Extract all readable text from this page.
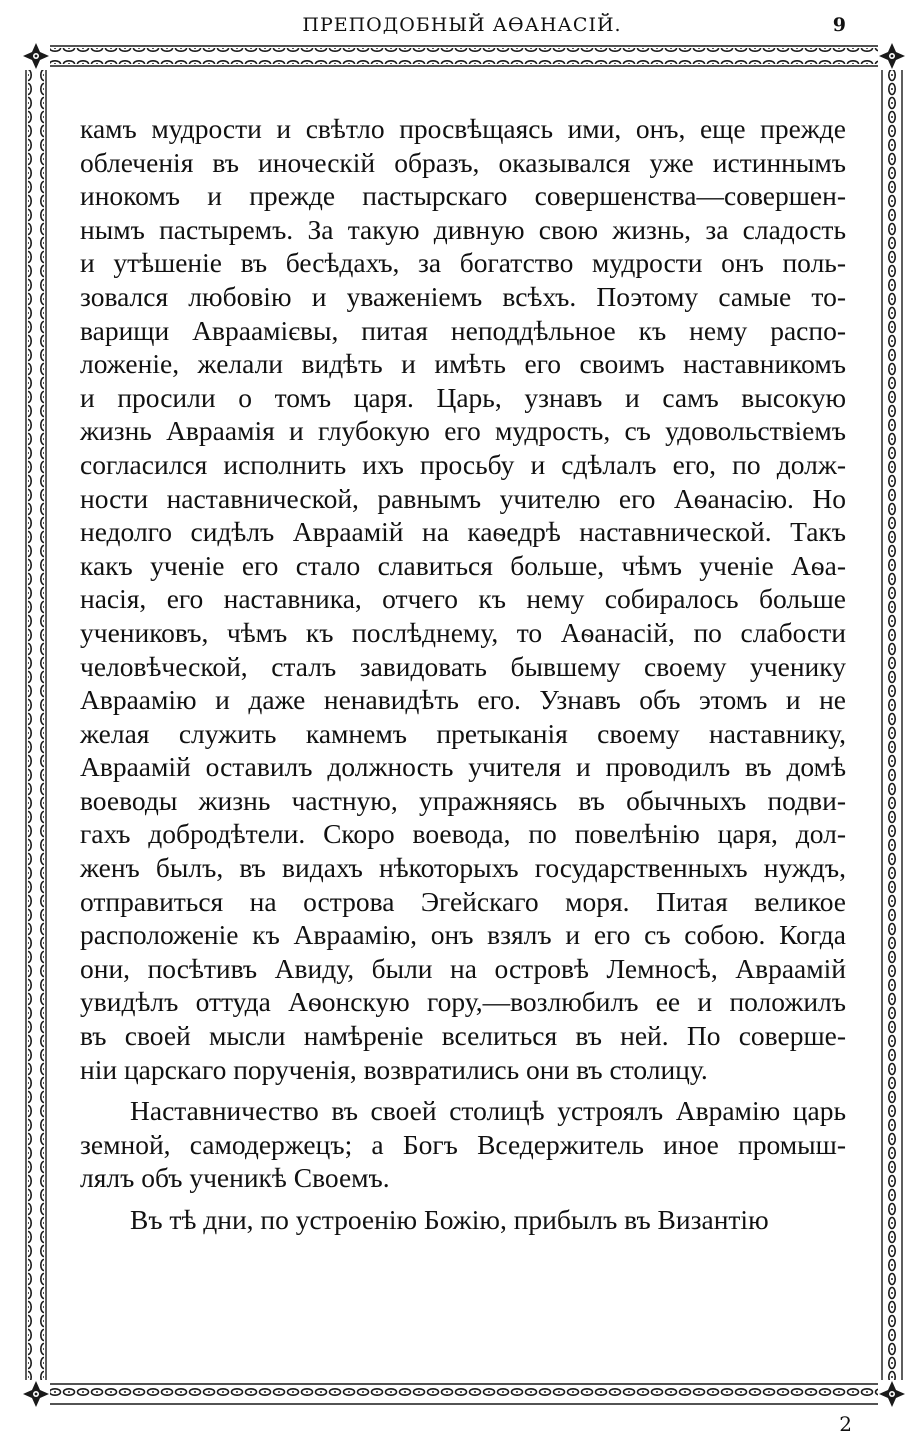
ПРЕПОДОБНЫЙ АѲАНАСІЙ.	9
камъ мудрости и свѣтло просвѣщаясь ими, онъ, еще прежде
облеченія въ иноческій образъ, оказывался уже истиннымъ
инокомъ и прежде пастырскаго совершенства—совершен-
нымъ пастыремъ. За такую дивную свою жизнь, за сладость
и утѣшеніе въ бесѣдахъ, за богатство мудрости онъ поль-
зовался любовію и уваженіемъ всѣхъ. Поэтому самые то-
варищи Авраамієвы, питая неподдѣльное къ нему распо-
ложеніе, желали видѣть и имѣть его своимъ наставникомъ
и просили о томъ царя. Царь, узнавъ и самъ высокую
жизнь Авраамія и глубокую его мудрость, съ удовольствіемъ
согласился исполнить ихъ просьбу и сдѣлалъ его, по долж-
ности наставнической, равнымъ учителю его Аѳанасію. Но
недолго сидѣлъ Авраамій на каѳедрѣ наставнической. Такъ
какъ ученіе его стало славиться больше, чѣмъ ученіе Аѳа-
насія, его наставника, отчего къ нему собиралось больше
учениковъ, чѣмъ къ послѣднему, то Аѳанасій, по слабости
человѣческой, сталъ завидовать бывшему своему ученику
Авраамію и даже ненавидѣть его. Узнавъ объ этомъ и не
желая служить камнемъ претыканія своему наставнику,
Авраамій оставилъ должность учителя и проводилъ въ домѣ
воеводы жизнь частную, упражняясь въ обычныхъ подви-
гахъ добродѣтели. Скоро воевода, по повелѣнію царя, дол-
женъ былъ, въ видахъ нѣкоторыхъ государственныхъ нуждъ,
отправиться на острова Эгейскаго моря. Питая великое
расположеніе къ Авраамію, онъ взялъ и его съ собою. Когда
они, посѣтивъ Авиду, были на островѣ Лемносѣ, Авраамій
увидѣлъ оттуда Аѳонскую гору,—возлюбилъ ее и положилъ
въ своей мысли намѣреніе вселиться въ ней. По соверше-
ніи царскаго порученія, возвратились они въ столицу.
Наставничество въ своей столицѣ устроялъ Аврамію царь
земной, самодержецъ; а Богъ Вседержитель иное промыш-
лялъ объ ученикѣ Своемъ.
Въ тѣ дни, по устроенію Божію, прибылъ въ Византію
2
